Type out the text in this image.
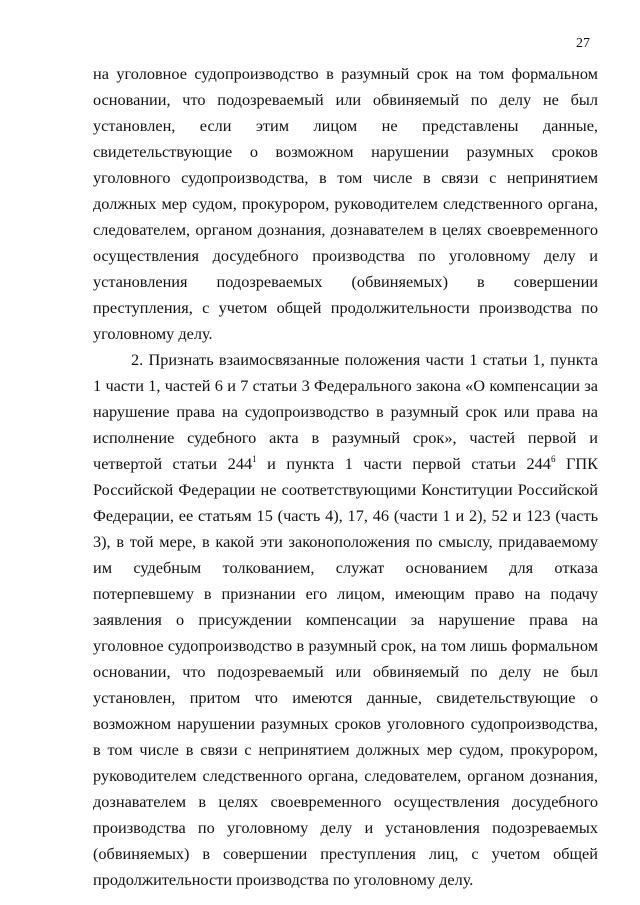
27

на уголовное судопроизводство в разумный срок на том формальном основании, что подозреваемый или обвиняемый по делу не был установлен, если этим лицом не представлены данные, свидетельствующие о возможном нарушении разумных сроков уголовного судопроизводства, в том числе в связи с непринятием должных мер судом, прокурором, руководителем следственного органа, следователем, органом дознания, дознавателем в целях своевременного осуществления досудебного производства по уголовному делу и установления подозреваемых (обвиняемых) в совершении преступления, с учетом общей продолжительности производства по уголовному делу.

2. Признать взаимосвязанные положения части 1 статьи 1, пункта 1 части 1, частей 6 и 7 статьи 3 Федерального закона «О компенсации за нарушение права на судопроизводство в разумный срок или права на исполнение судебного акта в разумный срок», частей первой и четвертой статьи $244^1$ и пункта 1 части первой статьи $244^6$ ГПК Российской Федерации не соответствующими Конституции Российской Федерации, ее статьям 15 (часть 4), 17, 46 (части 1 и 2), 52 и 123 (часть 3), в той мере, в какой эти законоположения по смыслу, придаваемому им судебным толкованием, служат основанием для отказа потерпевшему в признании его лицом, имеющим право на подачу заявления о присуждении компенсации за нарушение права на уголовное судопроизводство в разумный срок, на том лишь формальном основании, что подозреваемый или обвиняемый по делу не был установлен, притом что имеются данные, свидетельствующие о возможном нарушении разумных сроков уголовного судопроизводства, в том числе в связи с непринятием должных мер судом, прокурором, руководителем следственного органа, следователем, органом дознания, дознавателем в целях своевременного осуществления досудебного производства по уголовному делу и установления подозреваемых (обвиняемых) в совершении преступления лиц, с учетом общей продолжительности производства по уголовному делу.
